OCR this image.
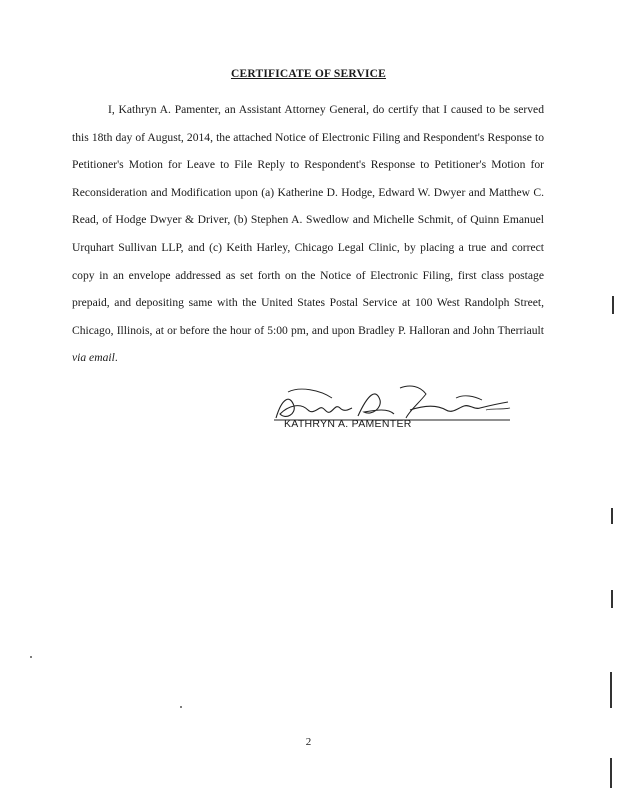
CERTIFICATE OF SERVICE

I, Kathryn A. Pamenter, an Assistant Attorney General, do certify that I caused to be served this 18th day of August, 2014, the attached Notice of Electronic Filing and Respondent's Response to Petitioner's Motion for Leave to File Reply to Respondent's Response to Petitioner's Motion for Reconsideration and Modification upon (a) Katherine D. Hodge, Edward W. Dwyer and Matthew C. Read, of Hodge Dwyer & Driver, (b) Stephen A. Swedlow and Michelle Schmit, of Quinn Emanuel Urquhart Sullivan LLP, and (c) Keith Harley, Chicago Legal Clinic, by placing a true and correct copy in an envelope addressed as set forth on the Notice of Electronic Filing, first class postage prepaid, and depositing same with the United States Postal Service at 100 West Randolph Street, Chicago, Illinois, at or before the hour of 5:00 pm, and upon Bradley P. Halloran and John Therriault via email.

KATHRYN A. PAMENTER
2
